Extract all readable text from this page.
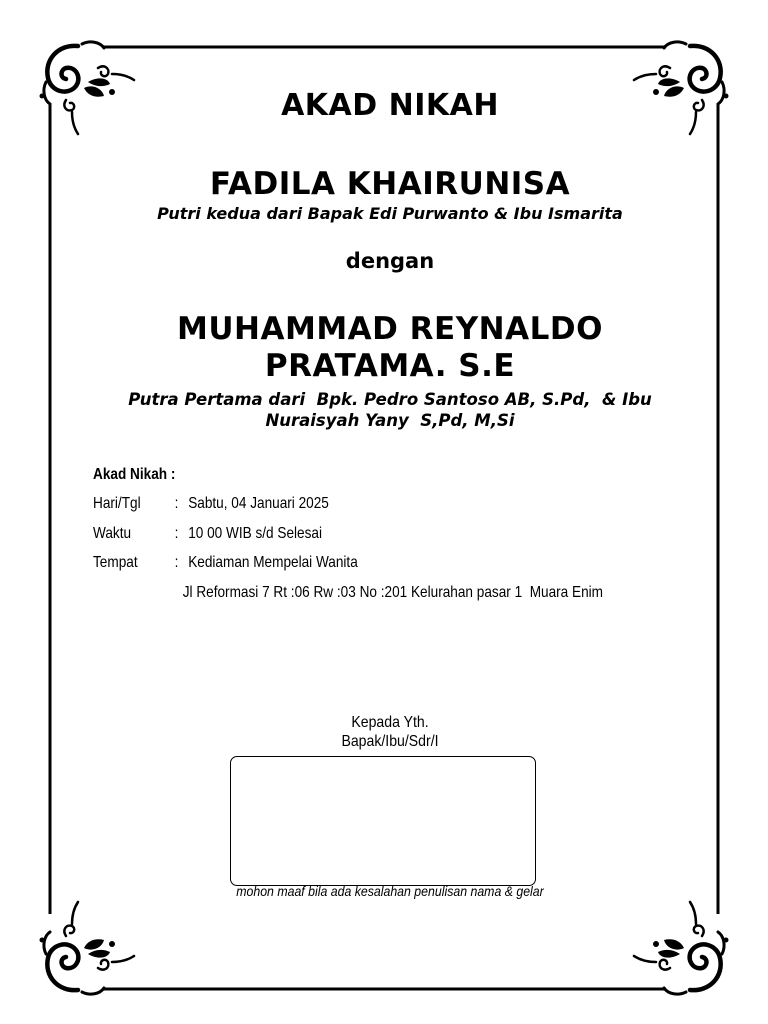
AKAD NIKAH
FADILA KHAIRUNISA
Putri kedua dari Bapak Edi Purwanto & Ibu Ismarita
dengan
MUHAMMAD REYNALDO
PRATAMA. S.E
Putra Pertama dari  Bpk. Pedro Santoso AB, S.Pd,  & Ibu
Nuraisyah Yany  S,Pd, M,Si
Akad Nikah :
Hari/Tgl	: Sabtu, 04 Januari 2025
Waktu	: 10 00 WIB s/d Selesai
Tempat	: Kediaman Mempelai Wanita
Jl Reformasi 7 Rt :06 Rw :03 No :201 Kelurahan pasar 1  Muara Enim
Kepada Yth.
Bapak/Ibu/Sdr/I
mohon maaf bila ada kesalahan penulisan nama & gelar
